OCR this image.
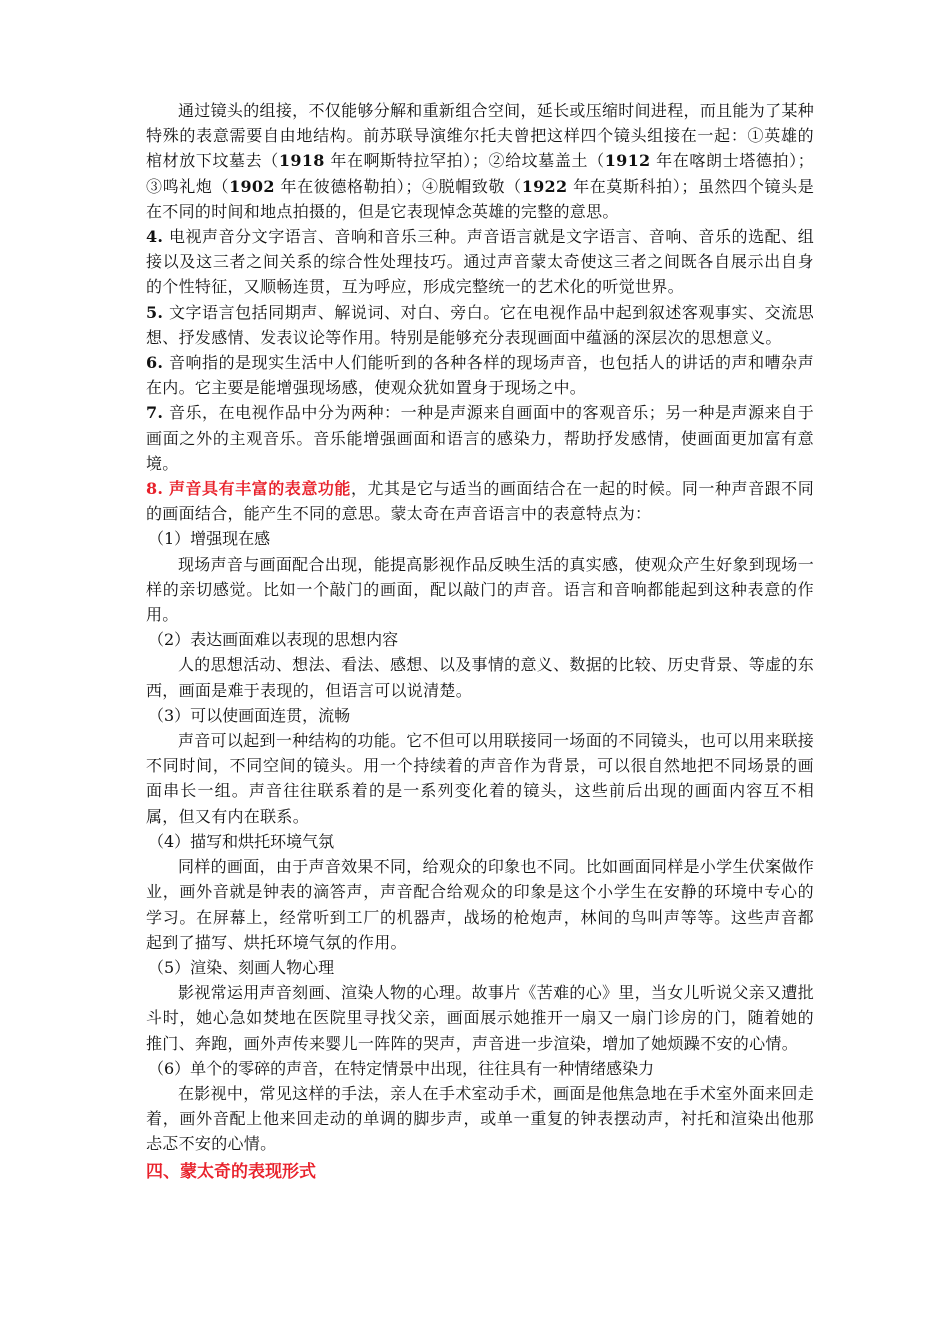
通过镜头的组接，不仅能够分解和重新组合空间，延长或压缩时间进程，而且能为了某种特殊的表意需要自由地结构。前苏联导演维尔托夫曾把这样四个镜头组接在一起：①英雄的棺材放下坟墓去（1918 年在啊斯特拉罕拍）；②给坟墓盖土（1912 年在喀朗士塔德拍）；③鸣礼炮（1902 年在彼德格勒拍）；④脱帽致敬（1922 年在莫斯科拍）；虽然四个镜头是在不同的时间和地点拍摄的，但是它表现悼念英雄的完整的意思。

4. 电视声音分文字语言、音响和音乐三种。声音语言就是文字语言、音响、音乐的选配、组接以及这三者之间关系的综合性处理技巧。通过声音蒙太奇使这三者之间既各自展示出自身的个性特征，又顺畅连贯，互为呼应，形成完整统一的艺术化的听觉世界。

5. 文字语言包括同期声、解说词、对白、旁白。它在电视作品中起到叙述客观事实、交流思想、抒发感情、发表议论等作用。特别是能够充分表现画面中蕴涵的深层次的思想意义。

6. 音响指的是现实生活中人们能听到的各种各样的现场声音，也包括人的讲话的声和嘈杂声在内。它主要是能增强现场感，使观众犹如置身于现场之中。

7. 音乐，在电视作品中分为两种：一种是声源来自画面中的客观音乐；另一种是声源来自于画面之外的主观音乐。音乐能增强画面和语言的感染力，帮助抒发感情，使画面更加富有意境。

8. 声音具有丰富的表意功能，尤其是它与适当的画面结合在一起的时候。同一种声音跟不同的画面结合，能产生不同的意思。蒙太奇在声音语言中的表意特点为：

（1）增强现在感

现场声音与画面配合出现，能提高影视作品反映生活的真实感，使观众产生好象到现场一样的亲切感觉。比如一个敲门的画面，配以敲门的声音。语言和音响都能起到这种表意的作用。

（2）表达画面难以表现的思想内容

人的思想活动、想法、看法、感想、以及事情的意义、数据的比较、历史背景、等虚的东西，画面是难于表现的，但语言可以说清楚。

（3）可以使画面连贯，流畅

声音可以起到一种结构的功能。它不但可以用联接同一场面的不同镜头，也可以用来联接不同时间，不同空间的镜头。用一个持续着的声音作为背景，可以很自然地把不同场景的画面串长一组。声音往往联系着的是一系列变化着的镜头，这些前后出现的画面内容互不相属，但又有内在联系。

（4）描写和烘托环境气氛

同样的画面，由于声音效果不同，给观众的印象也不同。比如画面同样是小学生伏案做作业，画外音就是钟表的滴答声，声音配合给观众的印象是这个小学生在安静的环境中专心的学习。在屏幕上，经常听到工厂的机器声，战场的枪炮声，林间的鸟叫声等等。这些声音都起到了描写、烘托环境气氛的作用。

（5）渲染、刻画人物心理

影视常运用声音刻画、渲染人物的心理。故事片《苦难的心》里，当女儿听说父亲又遭批斗时，她心急如焚地在医院里寻找父亲，画面展示她推开一扇又一扇门诊房的门，随着她的推门、奔跑，画外声传来婴儿一阵阵的哭声，声音进一步渲染，增加了她烦躁不安的心情。

（6）单个的零碎的声音，在特定情景中出现，往往具有一种情绪感染力

在影视中，常见这样的手法，亲人在手术室动手术，画面是他焦急地在手术室外面来回走着，画外音配上他来回走动的单调的脚步声，或单一重复的钟表摆动声，衬托和渲染出他那忐忑不安的心情。

四、蒙太奇的表现形式
